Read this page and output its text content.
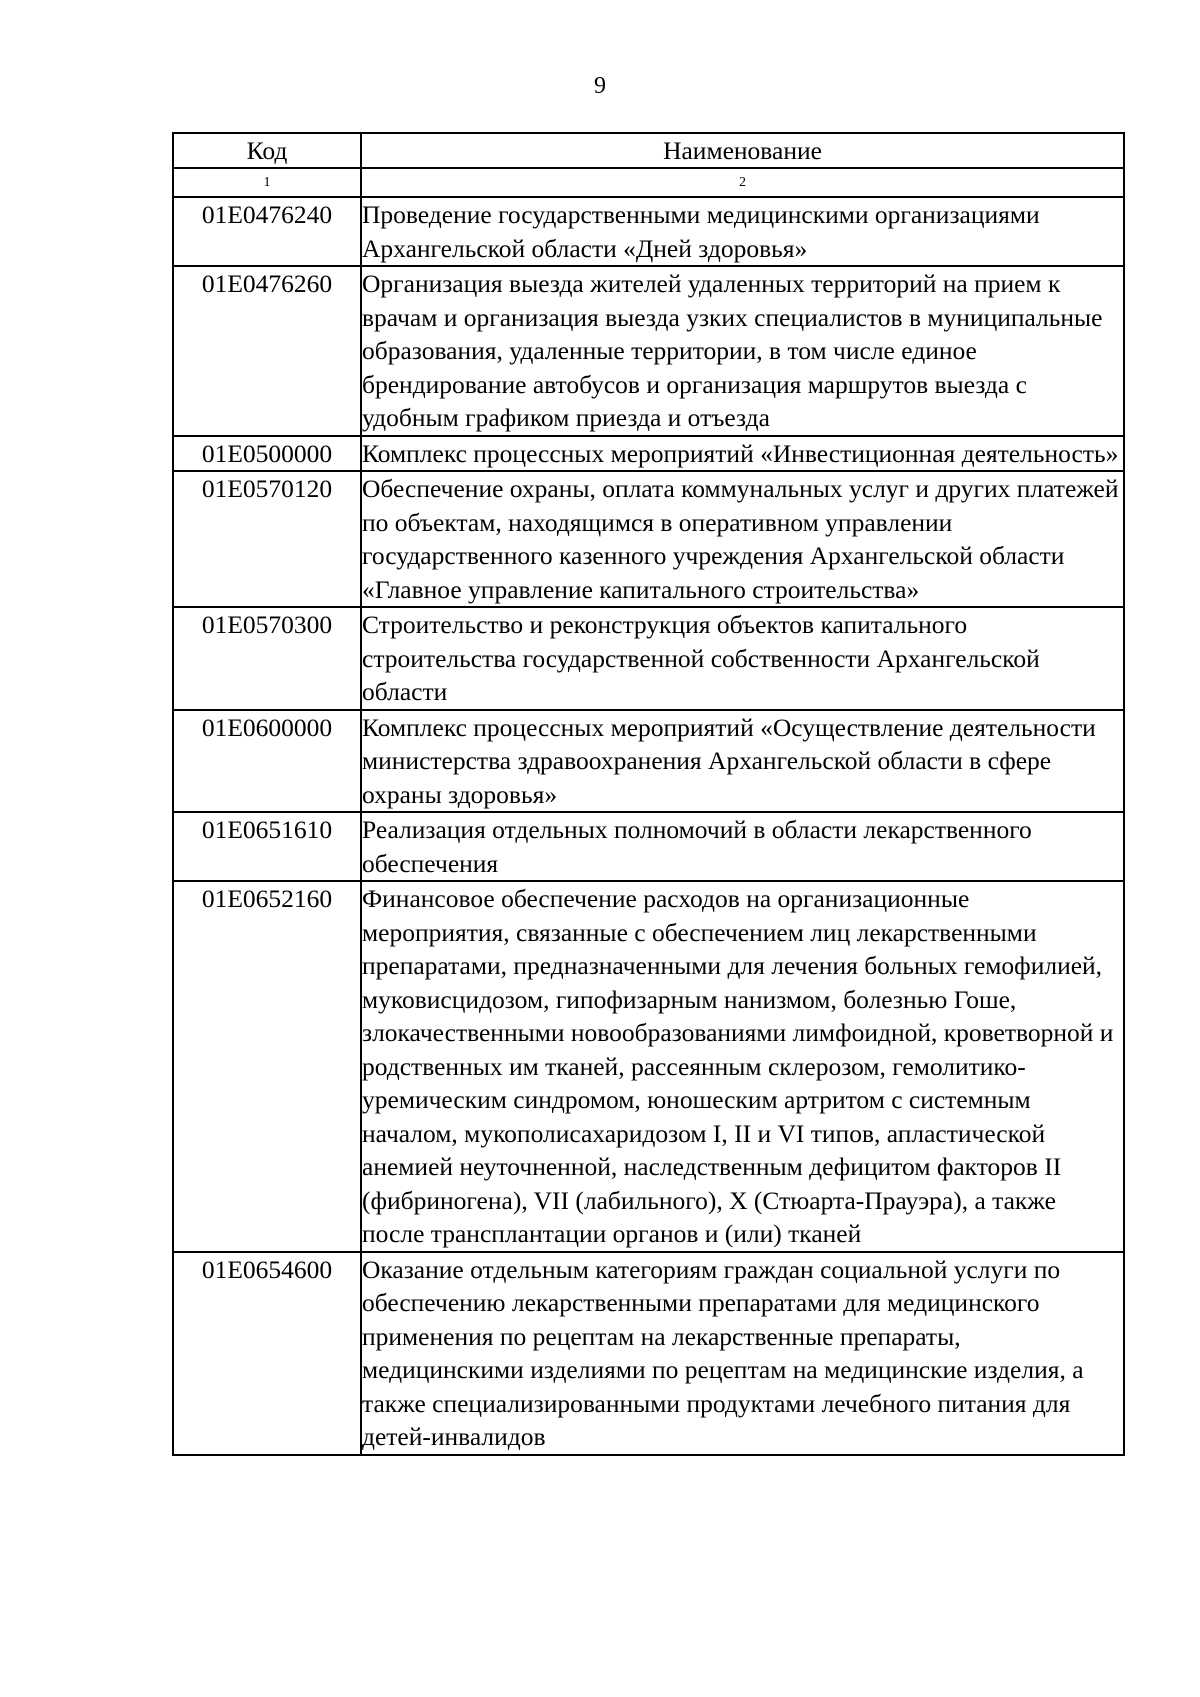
9
Код	Наименование
1	2
01Е0476240	Проведение государственными медицинскими организациями Архангельской области «Дней здоровья»
01Е0476260	Организация выезда жителей удаленных территорий на прием к врачам и организация выезда узких специалистов в муниципальные образования, удаленные территории, в том числе единое брендирование автобусов и организация маршрутов выезда с удобным графиком приезда и отъезда
01Е0500000	Комплекс процессных мероприятий «Инвестиционная деятельность»
01Е0570120	Обеспечение охраны, оплата коммунальных услуг и других платежей по объектам, находящимся в оперативном управлении государственного казенного учреждения Архангельской области «Главное управление капитального строительства»
01Е0570300	Строительство и реконструкция объектов капитального строительства государственной собственности Архангельской области
01Е0600000	Комплекс процессных мероприятий «Осуществление деятельности министерства здравоохранения Архангельской области в сфере охраны здоровья»
01Е0651610	Реализация отдельных полномочий в области лекарственного обеспечения
01Е0652160	Финансовое обеспечение расходов на организационные мероприятия, связанные с обеспечением лиц лекарственными препаратами, предназначенными для лечения больных гемофилией, муковисцидозом, гипофизарным нанизмом, болезнью Гоше, злокачественными новообразованиями лимфоидной, кроветворной и родственных им тканей, рассеянным склерозом, гемолитико-уремическим синдромом, юношеским артритом с системным началом, мукополисахаридозом I, II и VI типов, апластической анемией неуточненной, наследственным дефицитом факторов II (фибриногена), VII (лабильного), X (Стюарта-Прауэра), а также после трансплантации органов и (или) тканей
01Е0654600	Оказание отдельным категориям граждан социальной услуги по обеспечению лекарственными препаратами для медицинского применения по рецептам на лекарственные препараты, медицинскими изделиями по рецептам на медицинские изделия, а также специализированными продуктами лечебного питания для детей-инвалидов
